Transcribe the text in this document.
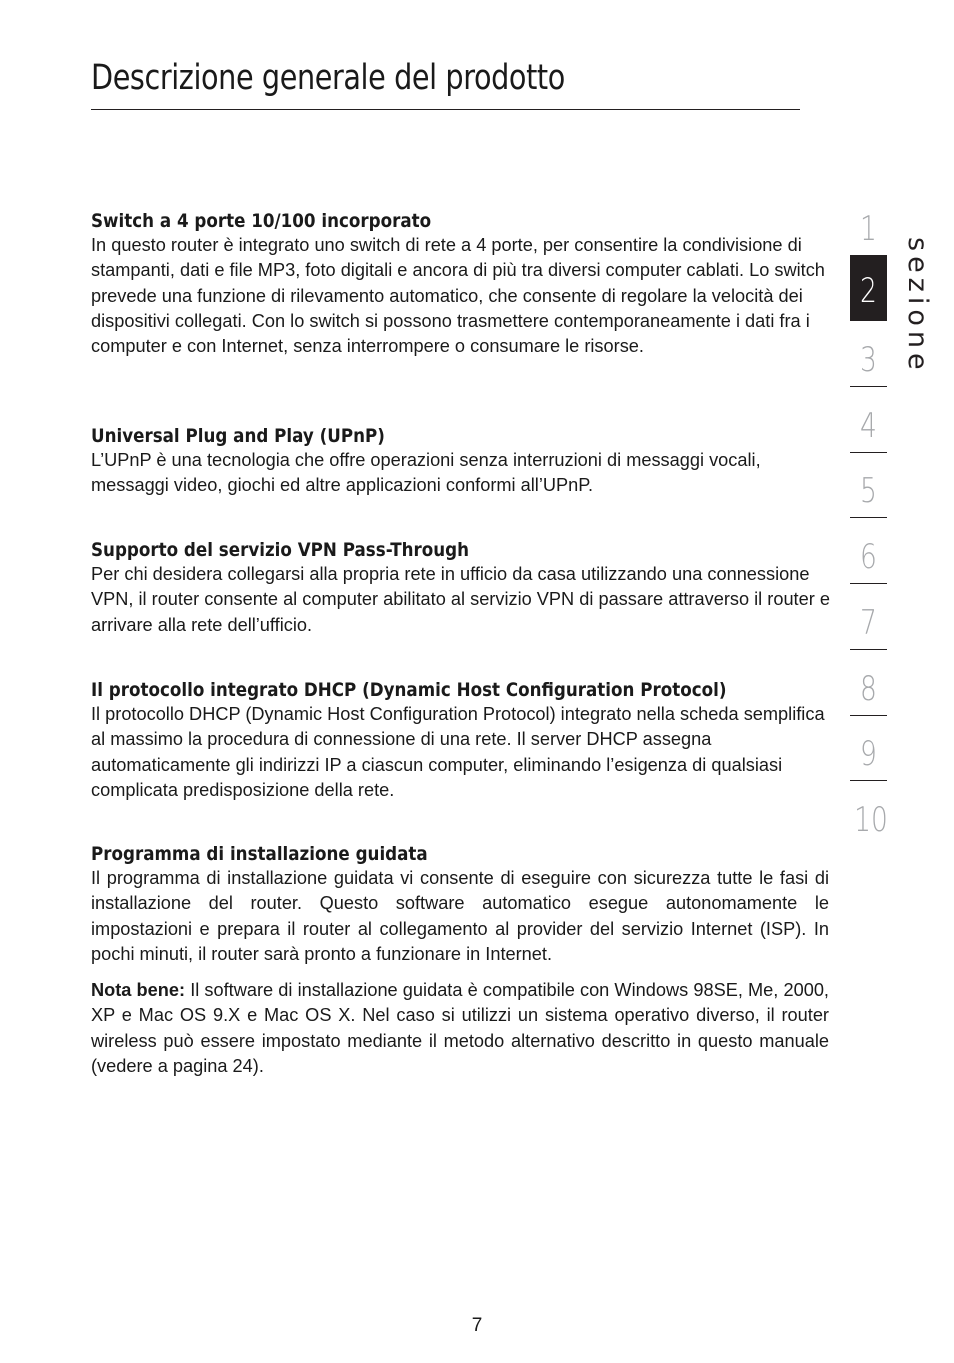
Descrizione generale del prodotto
Switch a 4 porte 10/100 incorporato

In questo router è integrato uno switch di rete a 4 porte, per consentire la condivisione di stampanti, dati e file MP3, foto digitali e ancora di più tra diversi computer cablati. Lo switch prevede una funzione di rilevamento automatico, che consente di regolare la velocità dei dispositivi collegati. Con lo switch si possono trasmettere contemporaneamente i dati fra i computer e con Internet, senza interrompere o consumare le risorse.

Universal Plug and Play (UPnP)

L’UPnP è una tecnologia che offre operazioni senza interruzioni di messaggi vocali, messaggi video, giochi ed altre applicazioni conformi all’UPnP.

Supporto del servizio VPN Pass-Through

Per chi desidera collegarsi alla propria rete in ufficio da casa utilizzando una connessione VPN, il router consente al computer abilitato al servizio VPN di passare attraverso il router e arrivare alla rete dell’ufficio.

Il protocollo integrato DHCP (Dynamic Host Configuration Protocol)

Il protocollo DHCP (Dynamic Host Configuration Protocol) integrato nella scheda semplifica al massimo la procedura di connessione di una rete. Il server DHCP assegna automaticamente gli indirizzi IP a ciascun computer, eliminando l’esigenza di qualsiasi complicata predisposizione della rete.

Programma di installazione guidata

Il programma di installazione guidata vi consente di eseguire con sicurezza tutte le fasi di installazione del router. Questo software automatico esegue autonomamente le impostazioni e prepara il router al collegamento al provider del servizio Internet (ISP). In pochi minuti, il router sarà pronto a funzionare in Internet.

Nota bene: Il software di installazione guidata è compatibile con Windows 98SE, Me, 2000, XP e Mac OS 9.X e Mac OS X. Nel caso si utilizzi un sistema operativo diverso, il router wireless può essere impostato mediante il metodo alternativo descritto in questo manuale (vedere a pagina 24).

1
2
3
4
5
6
7
8
9
10
sezione
7
